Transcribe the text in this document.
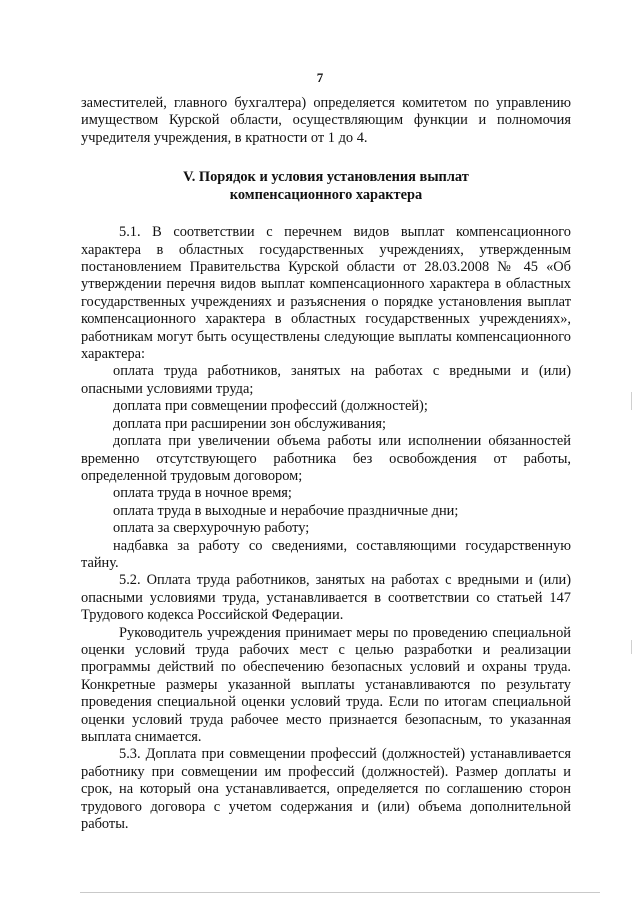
7

заместителей, главного бухгалтера) определяется комитетом по управлению имуществом Курской области, осуществляющим функции и полномочия учредителя учреждения, в кратности от 1 до 4.

V. Порядок и условия установления выплат
компенсационного характера

5.1. В соответствии с перечнем видов выплат компенсационного характера в областных государственных учреждениях, утвержденным постановлением Правительства Курской области от 28.03.2008 № 45 «Об утверждении перечня видов выплат компенсационного характера в областных государственных учреждениях и разъяснения о порядке установления выплат компенсационного характера в областных государственных учреждениях», работникам могут быть осуществлены следующие выплаты компенсационного характера:

оплата труда работников, занятых на работах с вредными и (или) опасными условиями труда;

доплата при совмещении профессий (должностей);

доплата при расширении зон обслуживания;

доплата при увеличении объема работы или исполнении обязанностей временно отсутствующего работника без освобождения от работы, определенной трудовым договором;

оплата труда в ночное время;

оплата труда в выходные и нерабочие праздничные дни;

оплата за сверхурочную работу;

надбавка за работу со сведениями, составляющими государственную тайну.

5.2. Оплата труда работников, занятых на работах с вредными и (или) опасными условиями труда, устанавливается в соответствии со статьей 147 Трудового кодекса Российской Федерации.

Руководитель учреждения принимает меры по проведению специальной оценки условий труда рабочих мест с целью разработки и реализации программы действий по обеспечению безопасных условий и охраны труда. Конкретные размеры указанной выплаты устанавливаются по результату проведения специальной оценки условий труда. Если по итогам специальной оценки условий труда рабочее место признается безопасным, то указанная выплата снимается.

5.3. Доплата при совмещении профессий (должностей) устанавливается работнику при совмещении им профессий (должностей). Размер доплаты и срок, на который она устанавливается, определяется по соглашению сторон трудового договора с учетом содержания и (или) объема дополнительной работы.
